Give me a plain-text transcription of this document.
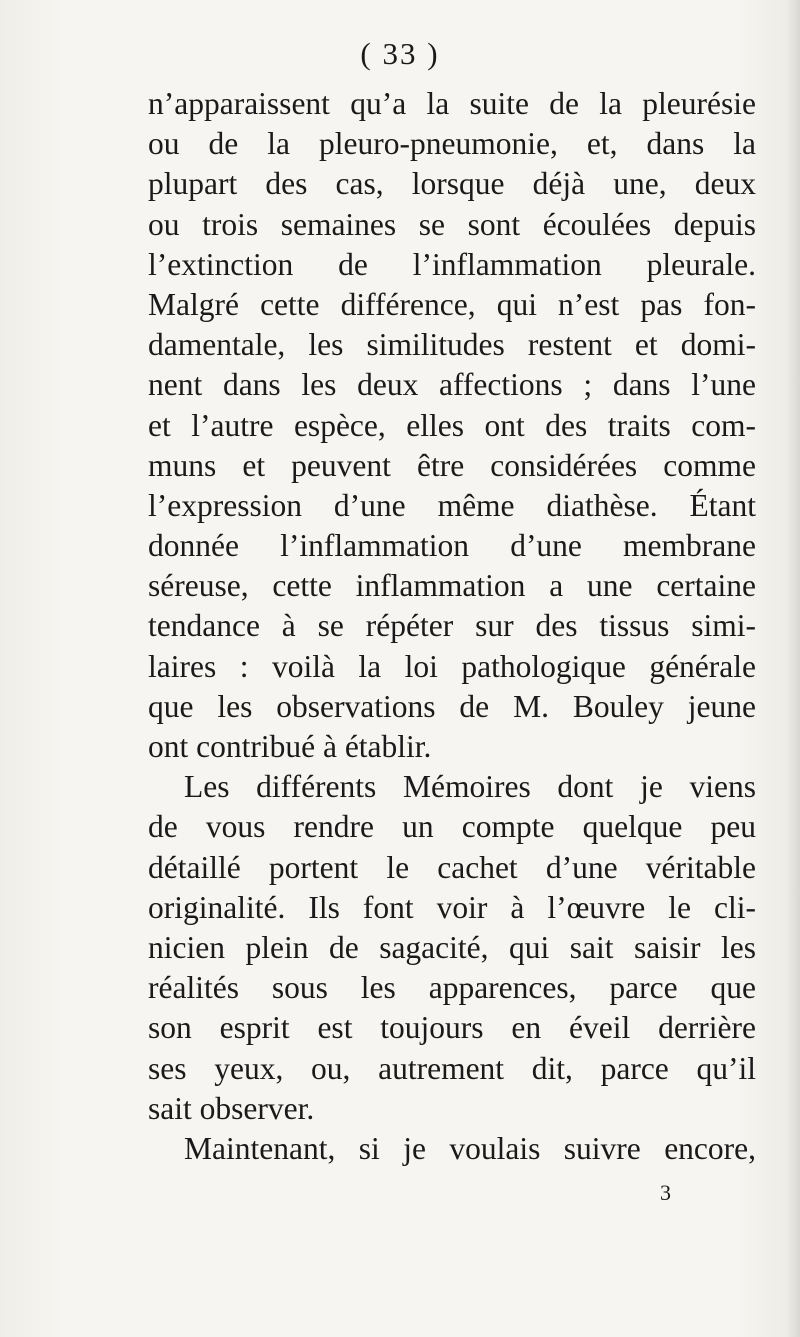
( 33 )
n’apparaissent qu’a la suite de la pleurésie
ou de la pleuro-pneumonie, et, dans la
plupart des cas, lorsque déjà une, deux
ou trois semaines se sont écoulées depuis
l’extinction de l’inflammation pleurale.
Malgré cette différence, qui n’est pas fon-
damentale, les similitudes restent et domi-
nent dans les deux affections ; dans l’une
et l’autre espèce, elles ont des traits com-
muns et peuvent être considérées comme
l’expression d’une même diathèse. Étant
donnée l’inflammation d’une membrane
séreuse, cette inflammation a une certaine
tendance à se répéter sur des tissus simi-
laires : voilà la loi pathologique générale
que les observations de M. Bouley jeune
ont contribué à établir.
Les différents Mémoires dont je viens
de vous rendre un compte quelque peu
détaillé portent le cachet d’une véritable
originalité. Ils font voir à l’œuvre le cli-
nicien plein de sagacité, qui sait saisir les
réalités sous les apparences, parce que
son esprit est toujours en éveil derrière
ses yeux, ou, autrement dit, parce qu’il
sait observer.
Maintenant, si je voulais suivre encore,
3
